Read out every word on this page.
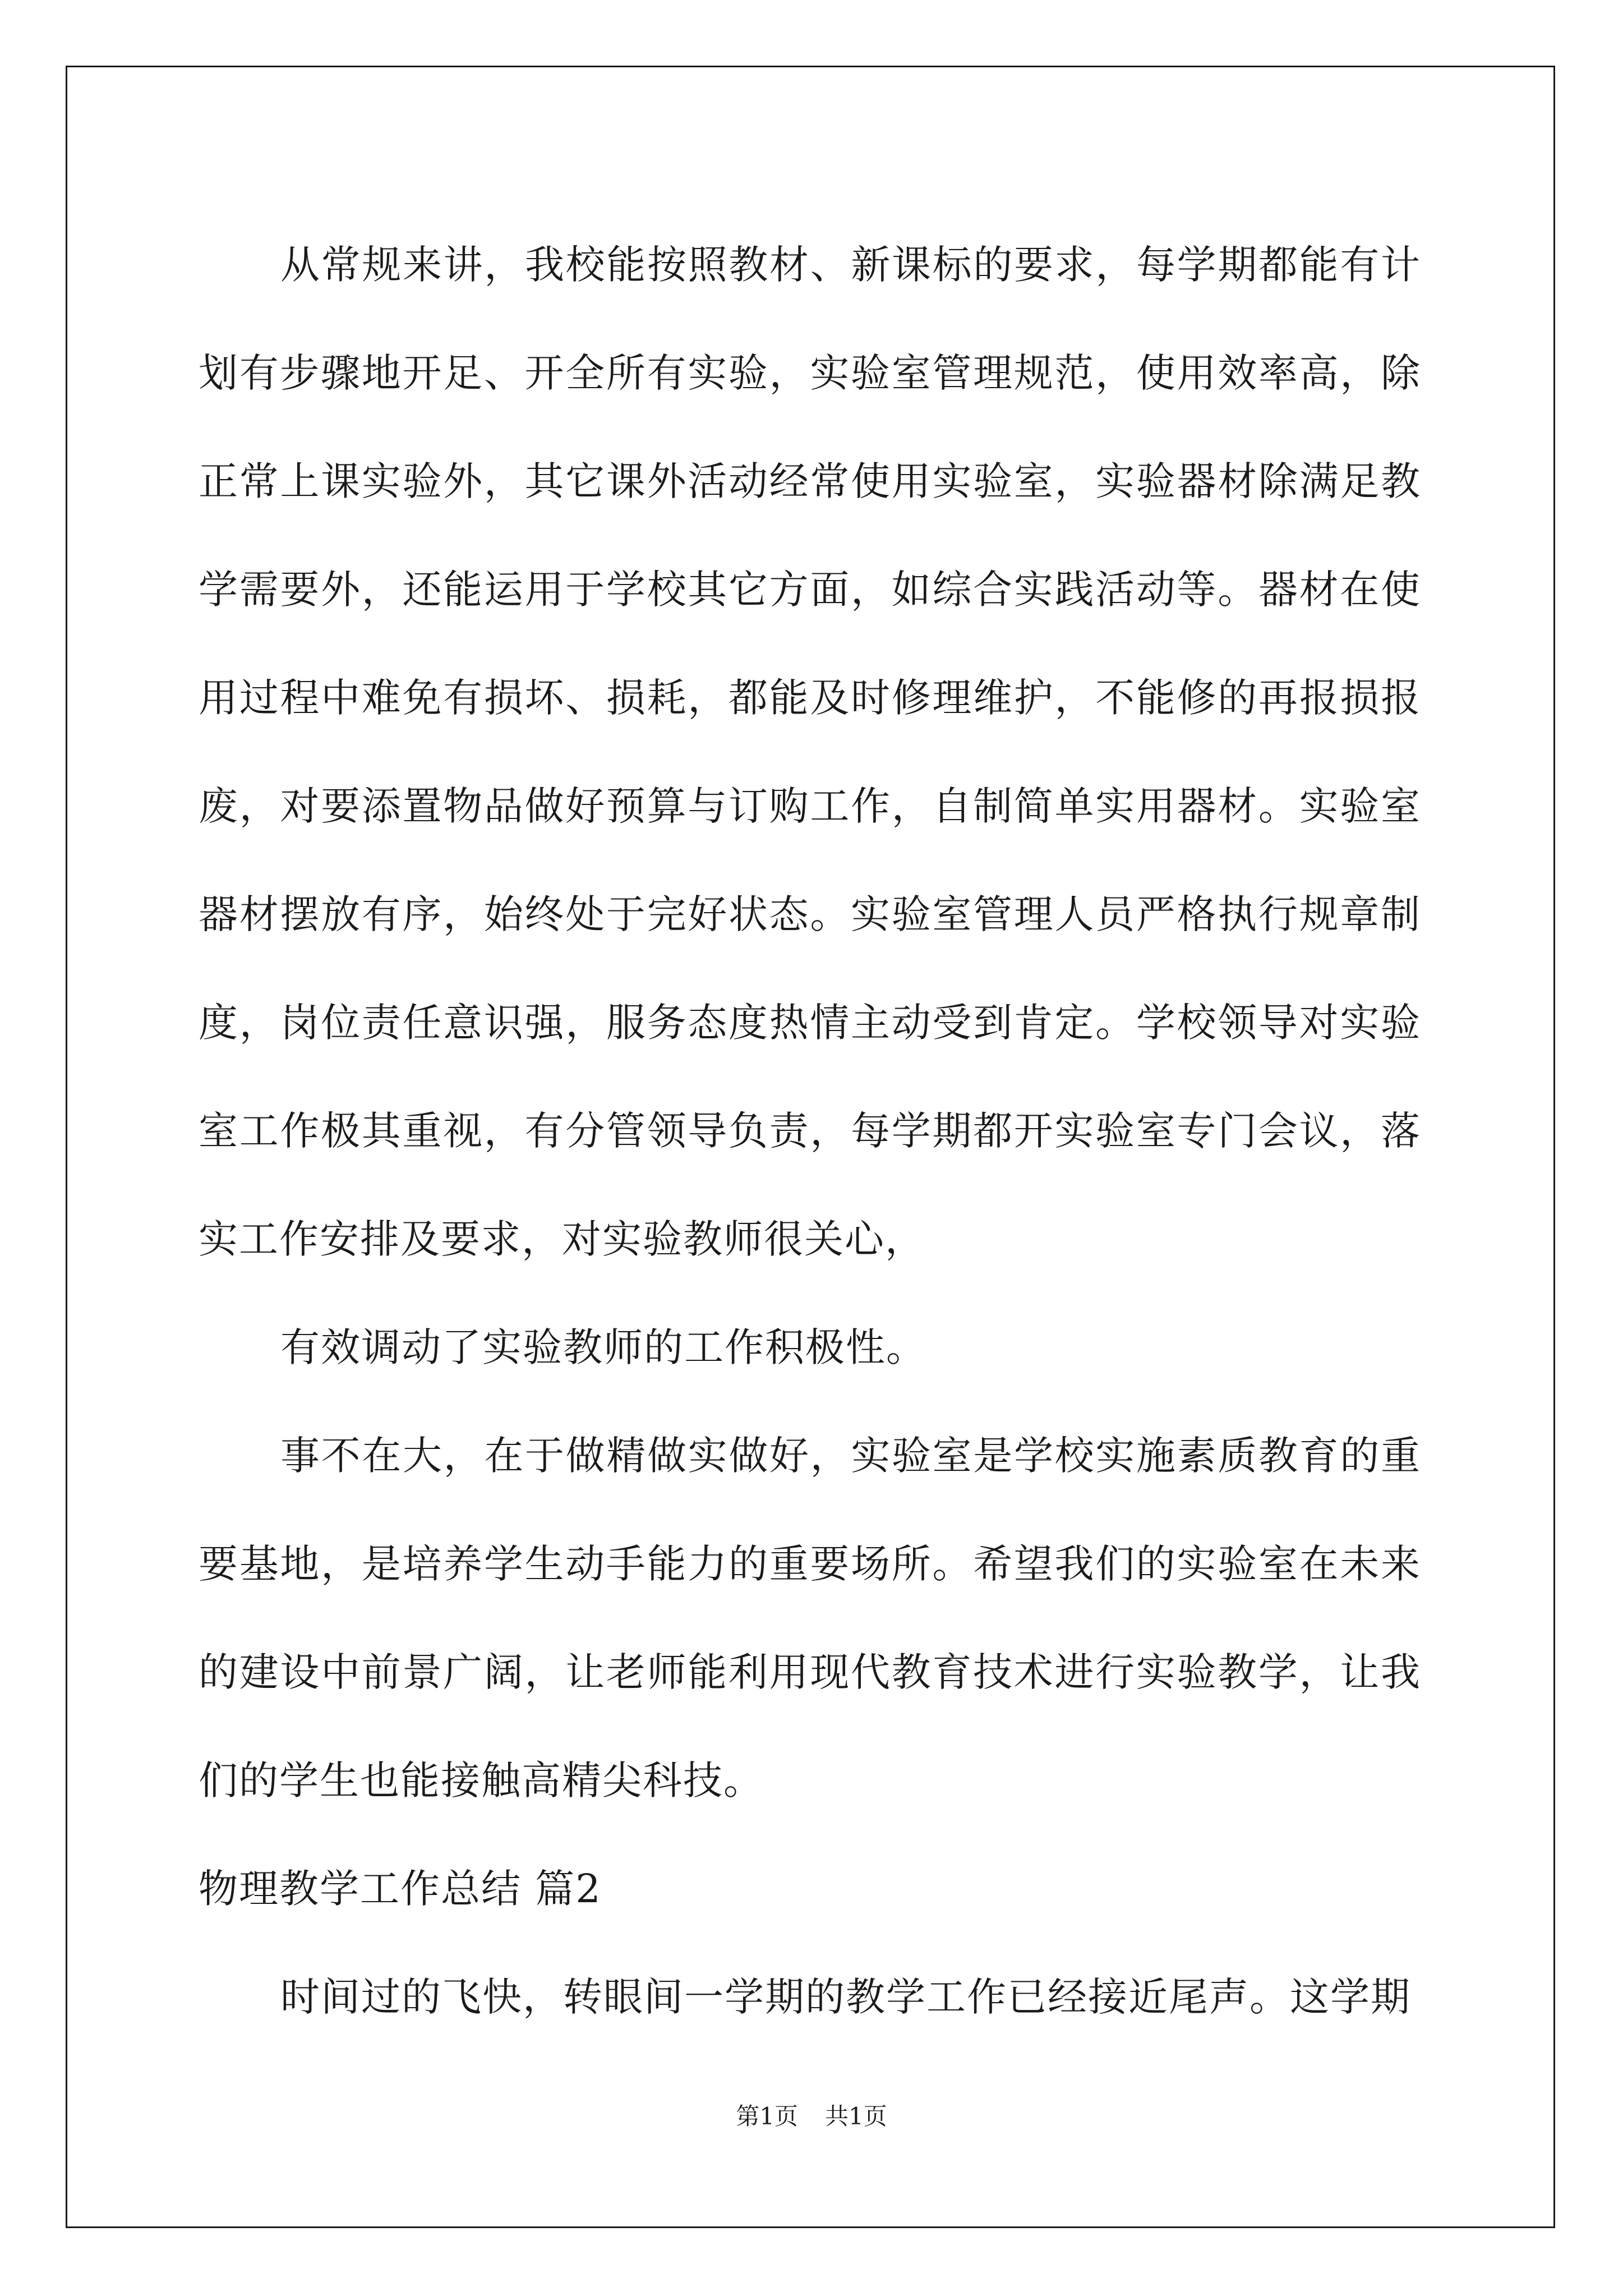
从常规来讲，我校能按照教材、新课标的要求，每学期都能有计划有步骤地开足、开全所有实验，实验室管理规范，使用效率高，除正常上课实验外，其它课外活动经常使用实验室，实验器材除满足教学需要外，还能运用于学校其它方面，如综合实践活动等。器材在使用过程中难免有损坏、损耗，都能及时修理维护，不能修的再报损报废，对要添置物品做好预算与订购工作，自制简单实用器材。实验室器材摆放有序，始终处于完好状态。实验室管理人员严格执行规章制度，岗位责任意识强，服务态度热情主动受到肯定。学校领导对实验室工作极其重视，有分管领导负责，每学期都开实验室专门会议，落实工作安排及要求，对实验教师很关心，

有效调动了实验教师的工作积极性。

事不在大，在于做精做实做好，实验室是学校实施素质教育的重要基地，是培养学生动手能力的重要场所。希望我们的实验室在未来的建设中前景广阔，让老师能利用现代教育技术进行实验教学，让我们的学生也能接触高精尖科技。

物理教学工作总结 篇2

时间过的飞快，转眼间一学期的教学工作已经接近尾声。这学期

第1页 共1页
